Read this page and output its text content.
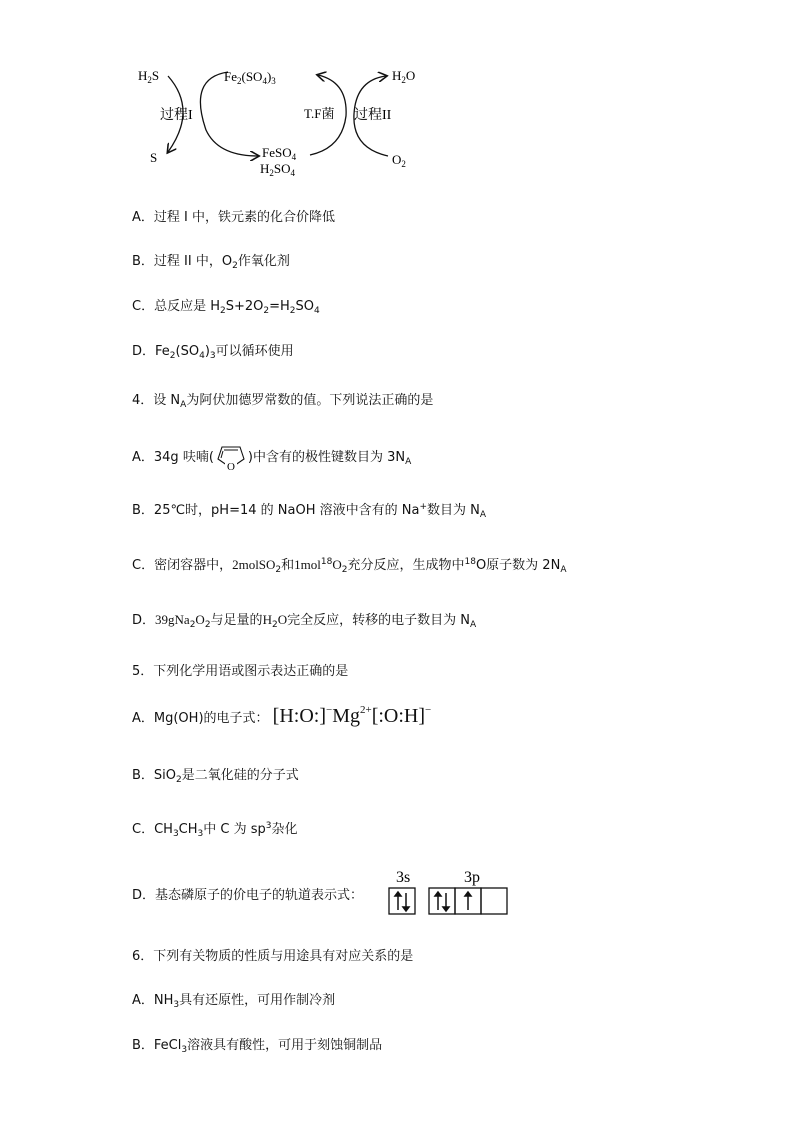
$H_2S$
S
过程I
$Fe_2(SO_4)_3$
FeSO$_4$
$H_2SO_4$
T.F菌 过程II
$H_2O$
$O_2$
A．过程 I 中，铁元素的化合价降低
B．过程 II 中，$O_2$作氧化剂
C．总反应是 $H_2S+2O_2=H_2SO_4$
D．$Fe_2(SO_4)_3$可以循环使用
4．设 $N_A$为阿伏加德罗常数的值。下列说法正确的是
A．34g 呋喃(
O
)中含有的极性键数目为 $3N_A$
B．25℃时，pH=14 的 NaOH 溶液中含有的 Na+数目为 $N_A$
C．密闭容器中，2molSO$_2$和$1mol^{18}O_2$充分反应，生成物中$^{18}$O原子数为 $2N_A$
D．$39gNa_2O_2$与足量的$H_2O$完全反应，转移的电子数目为 $N_A$
5．下列化学用语或图示表达正确的是
A．Mg(OH)的电子式： $[H:O:]^-Mg^{2+}[:O:H]^-$
B．SiO$_2$是二氧化硅的分子式
C．$CH_3CH_3$中 C 为 $sp^3$杂化
D．基态磷原子的价电子的轨道表示式：
3s	3p
6．下列有关物质的性质与用途具有对应关系的是
A．$NH_3$具有还原性，可用作制冷剂
B．FeCl$_3$溶液具有酸性，可用于刻蚀铜制品
